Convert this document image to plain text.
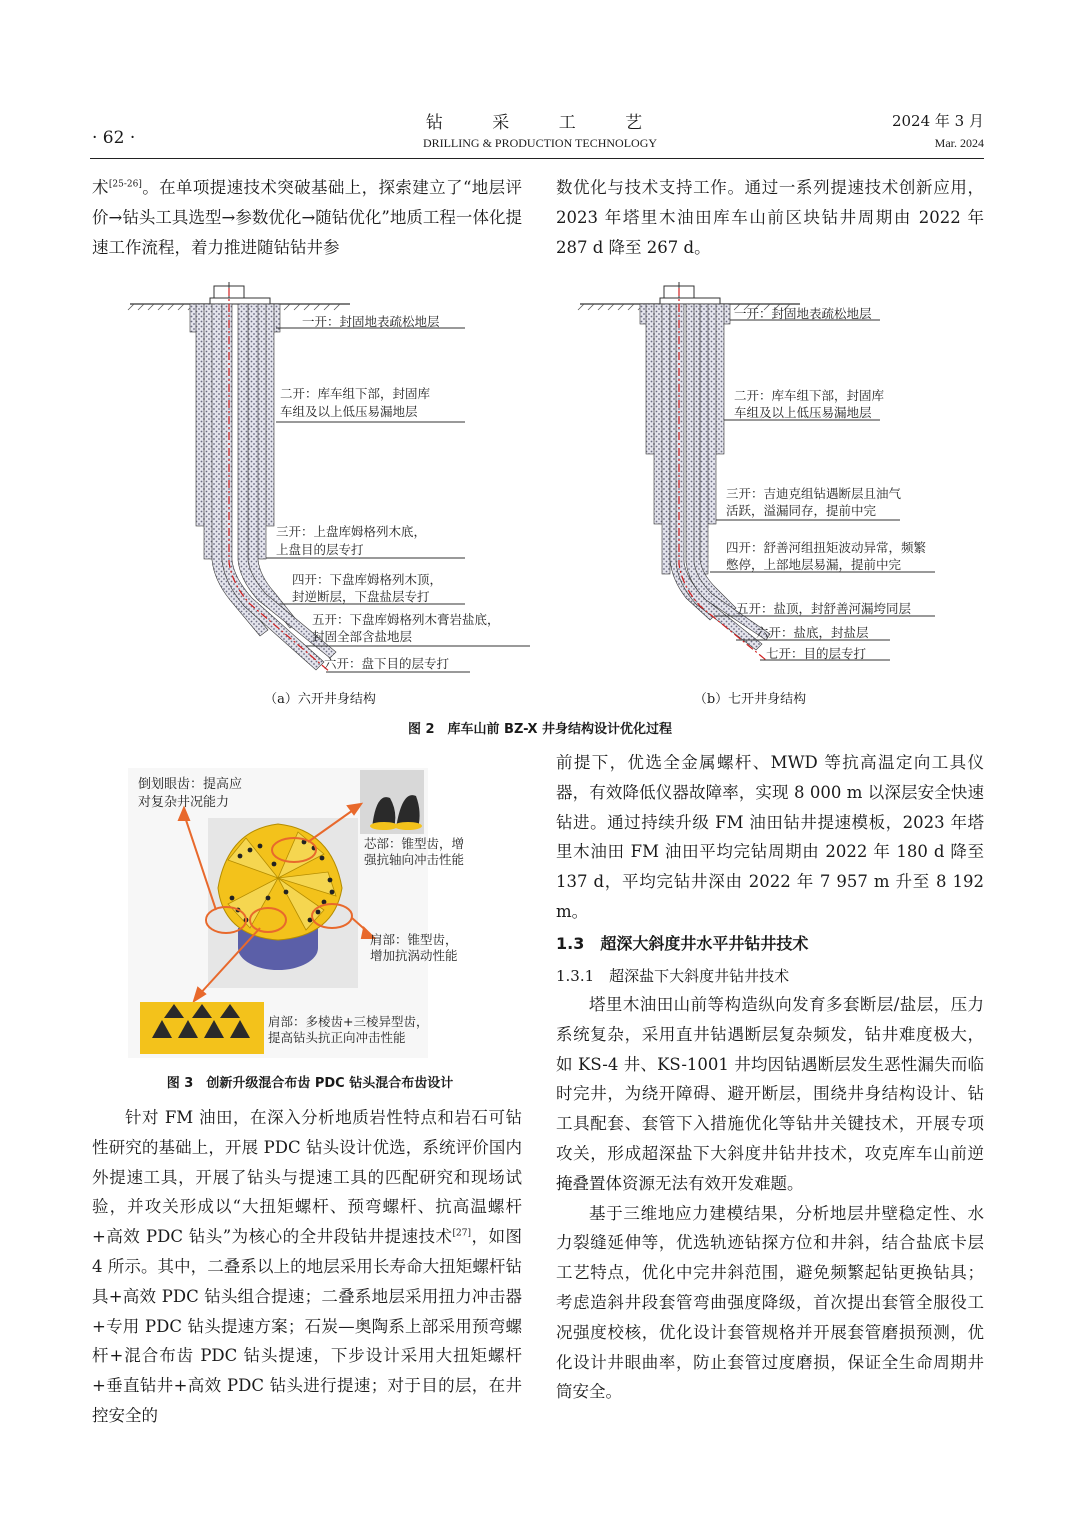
· 62 ·
钻 采 工 艺
DRILLING & PRODUCTION TECHNOLOGY
2024 年 3 月
Mar. 2024

术[25-26]。在单项提速技术突破基础上，探索建立了“地层评价→钻头工具选型→参数优化→随钻优化”地质工程一体化提速工作流程，着力推进随钻钻井参

数优化与技术支持工作。通过一系列提速技术创新应用，2023 年塔里木油田库车山前区块钻井周期由 2022 年 287 d 降至 267 d。

一开：封固地表疏松地层
二开：库车组下部，封固库
车组及以上低压易漏地层
三开：上盘库姆格列木底，
上盘目的层专打
四开：下盘库姆格列木顶，
封逆断层，下盘盐层专打
五开：下盘库姆格列木膏岩盐底，
封固全部含盐地层
六开：盘下目的层专打
一开：封固地表疏松地层
二开：库车组下部，封固库
车组及以上低压易漏地层
三开：吉迪克组钻遇断层且油气
活跃，溢漏同存，提前中完
四开：舒善河组扭矩波动异常，频繁
憋停，上部地层易漏，提前中完
五开：盐顶，封舒善河漏垮同层
六开：盐底，封盐层
七开：目的层专打
（a）六开井身结构	（b）七开井身结构
图 2　库车山前 BZ-X 井身结构设计优化过程
倒划眼齿：提高应
对复杂井况能力
芯部：锥型齿，增
强抗轴向冲击性能
肩部：锥型齿，
增加抗涡动性能
肩部：多棱齿+三棱异型齿，
提高钻头抗正向冲击性能
图 3　创新升级混合布齿 PDC 钻头混合布齿设计

针对 FM 油田，在深入分析地质岩性特点和岩石可钻性研究的基础上，开展 PDC 钻头设计优选，系统评价国内外提速工具，开展了钻头与提速工具的匹配研究和现场试验，并攻关形成以“大扭矩螺杆、预弯螺杆、抗高温螺杆+高效 PDC 钻头”为核心的全井段钻井提速技术[27]，如图 4 所示。其中，二叠系以上的地层采用长寿命大扭矩螺杆钻具+高效 PDC 钻头组合提速；二叠系地层采用扭力冲击器+专用 PDC 钻头提速方案；石炭—奥陶系上部采用预弯螺杆+混合布齿 PDC 钻头提速，下步设计采用大扭矩螺杆+垂直钻井+高效 PDC 钻头进行提速；对于目的层，在井控安全的

前提下，优选全金属螺杆、MWD 等抗高温定向工具仪器，有效降低仪器故障率，实现 8 000 m 以深层安全快速钻进。通过持续升级 FM 油田钻井提速模板，2023 年塔里木油田 FM 油田平均完钻周期由 2022 年 180 d 降至 137 d，平均完钻井深由 2022 年 7 957 m 升至 8 192 m。

1.3　超深大斜度井水平井钻井技术
1.3.1　超深盐下大斜度井钻井技术

塔里木油田山前等构造纵向发育多套断层/盐层，压力系统复杂，采用直井钻遇断层复杂频发，钻井难度极大，如 KS-4 井、KS-1001 井均因钻遇断层发生恶性漏失而临时完井，为绕开障碍、避开断层，围绕井身结构设计、钻工具配套、套管下入措施优化等钻井关键技术，开展专项攻关，形成超深盐下大斜度井钻井技术，攻克库车山前逆掩叠置体资源无法有效开发难题。

基于三维地应力建模结果，分析地层井壁稳定性、水力裂缝延伸等，优选轨迹钻探方位和井斜，结合盐底卡层工艺特点，优化中完井斜范围，避免频繁起钻更换钻具；考虑造斜井段套管弯曲强度降级，首次提出套管全服役工况强度校核，优化设计套管规格并开展套管磨损预测，优化设计井眼曲率，防止套管过度磨损，保证全生命周期井筒安全。
